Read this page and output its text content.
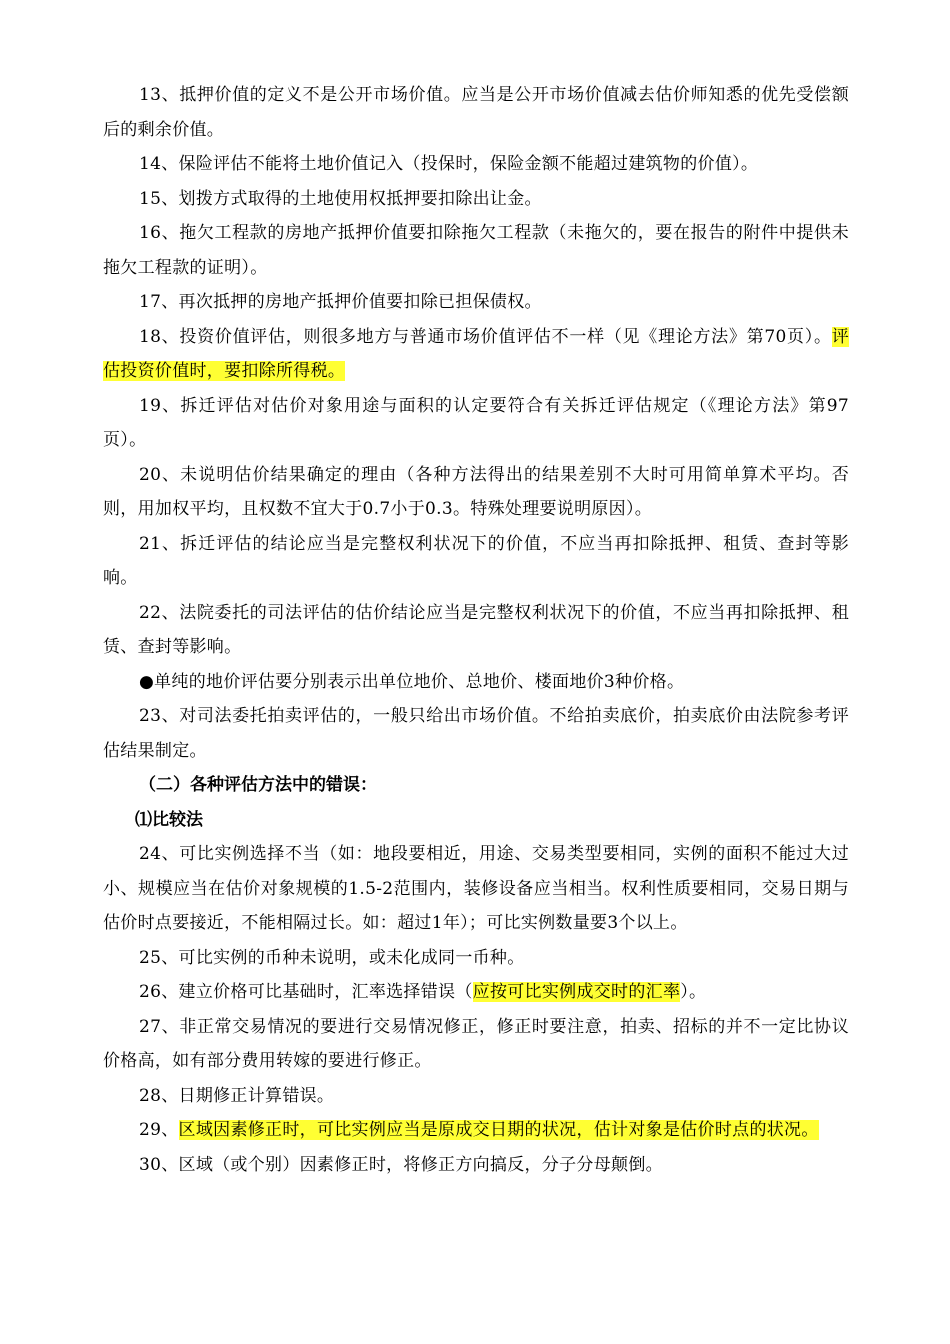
13、抵押价值的定义不是公开市场价值。应当是公开市场价值减去估价师知悉的优先受偿额后的剩余价值。

14、保险评估不能将土地价值记入（投保时，保险金额不能超过建筑物的价值）。

15、划拨方式取得的土地使用权抵押要扣除出让金。

16、拖欠工程款的房地产抵押价值要扣除拖欠工程款（未拖欠的，要在报告的附件中提供未拖欠工程款的证明）。

17、再次抵押的房地产抵押价值要扣除已担保债权。

18、投资价值评估，则很多地方与普通市场价值评估不一样（见《理论方法》第70页）。评估投资价值时，要扣除所得税。

19、拆迁评估对估价对象用途与面积的认定要符合有关拆迁评估规定（《理论方法》第97页）。

20、未说明估价结果确定的理由（各种方法得出的结果差别不大时可用简单算术平均。否则，用加权平均，且权数不宜大于0.7小于0.3。特殊处理要说明原因）。

21、拆迁评估的结论应当是完整权利状况下的价值，不应当再扣除抵押、租赁、查封等影响。

22、法院委托的司法评估的估价结论应当是完整权利状况下的价值，不应当再扣除抵押、租赁、查封等影响。

●单纯的地价评估要分别表示出单位地价、总地价、楼面地价3种价格。

23、对司法委托拍卖评估的，一般只给出市场价值。不给拍卖底价，拍卖底价由法院参考评估结果制定。

（二）各种评估方法中的错误：

⑴比较法

24、可比实例选择不当（如：地段要相近，用途、交易类型要相同，实例的面积不能过大过小、规模应当在估价对象规模的1.5-2范围内，装修设备应当相当。权利性质要相同，交易日期与估价时点要接近，不能相隔过长。如：超过1年）；可比实例数量要3个以上。

25、可比实例的币种未说明，或未化成同一币种。

26、建立价格可比基础时，汇率选择错误（应按可比实例成交时的汇率）。

27、非正常交易情况的要进行交易情况修正，修正时要注意，拍卖、招标的并不一定比协议价格高，如有部分费用转嫁的要进行修正。

28、日期修正计算错误。

29、区域因素修正时，可比实例应当是原成交日期的状况，估计对象是估价时点的状况。

30、区域（或个别）因素修正时，将修正方向搞反，分子分母颠倒。
